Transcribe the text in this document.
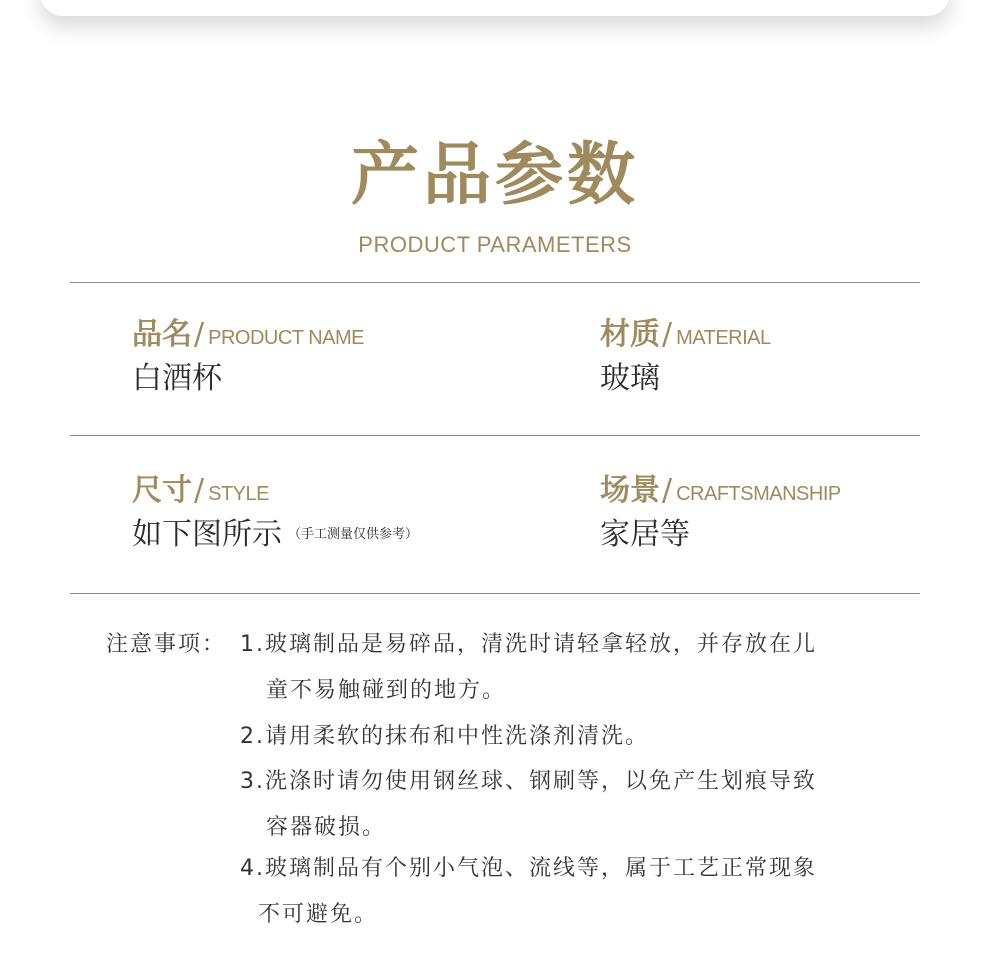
产品参数
PRODUCT PARAMETERS
品名/ PRODUCT NAME
白酒杯
材质/ MATERIAL
玻璃
尺寸/ STYLE
如下图所示 （手工测量仅供参考）
场景/ CRAFTSMANSHIP
家居等
注意事项： 1.玻璃制品是易碎品，清洗时请轻拿轻放，并存放在儿
童不易触碰到的地方。
2.请用柔软的抹布和中性洗涤剂清洗。
3.洗涤时请勿使用钢丝球、钢刷等，以免产生划痕导致
容器破损。
4.玻璃制品有个别小气泡、流线等，属于工艺正常现象
不可避免。
